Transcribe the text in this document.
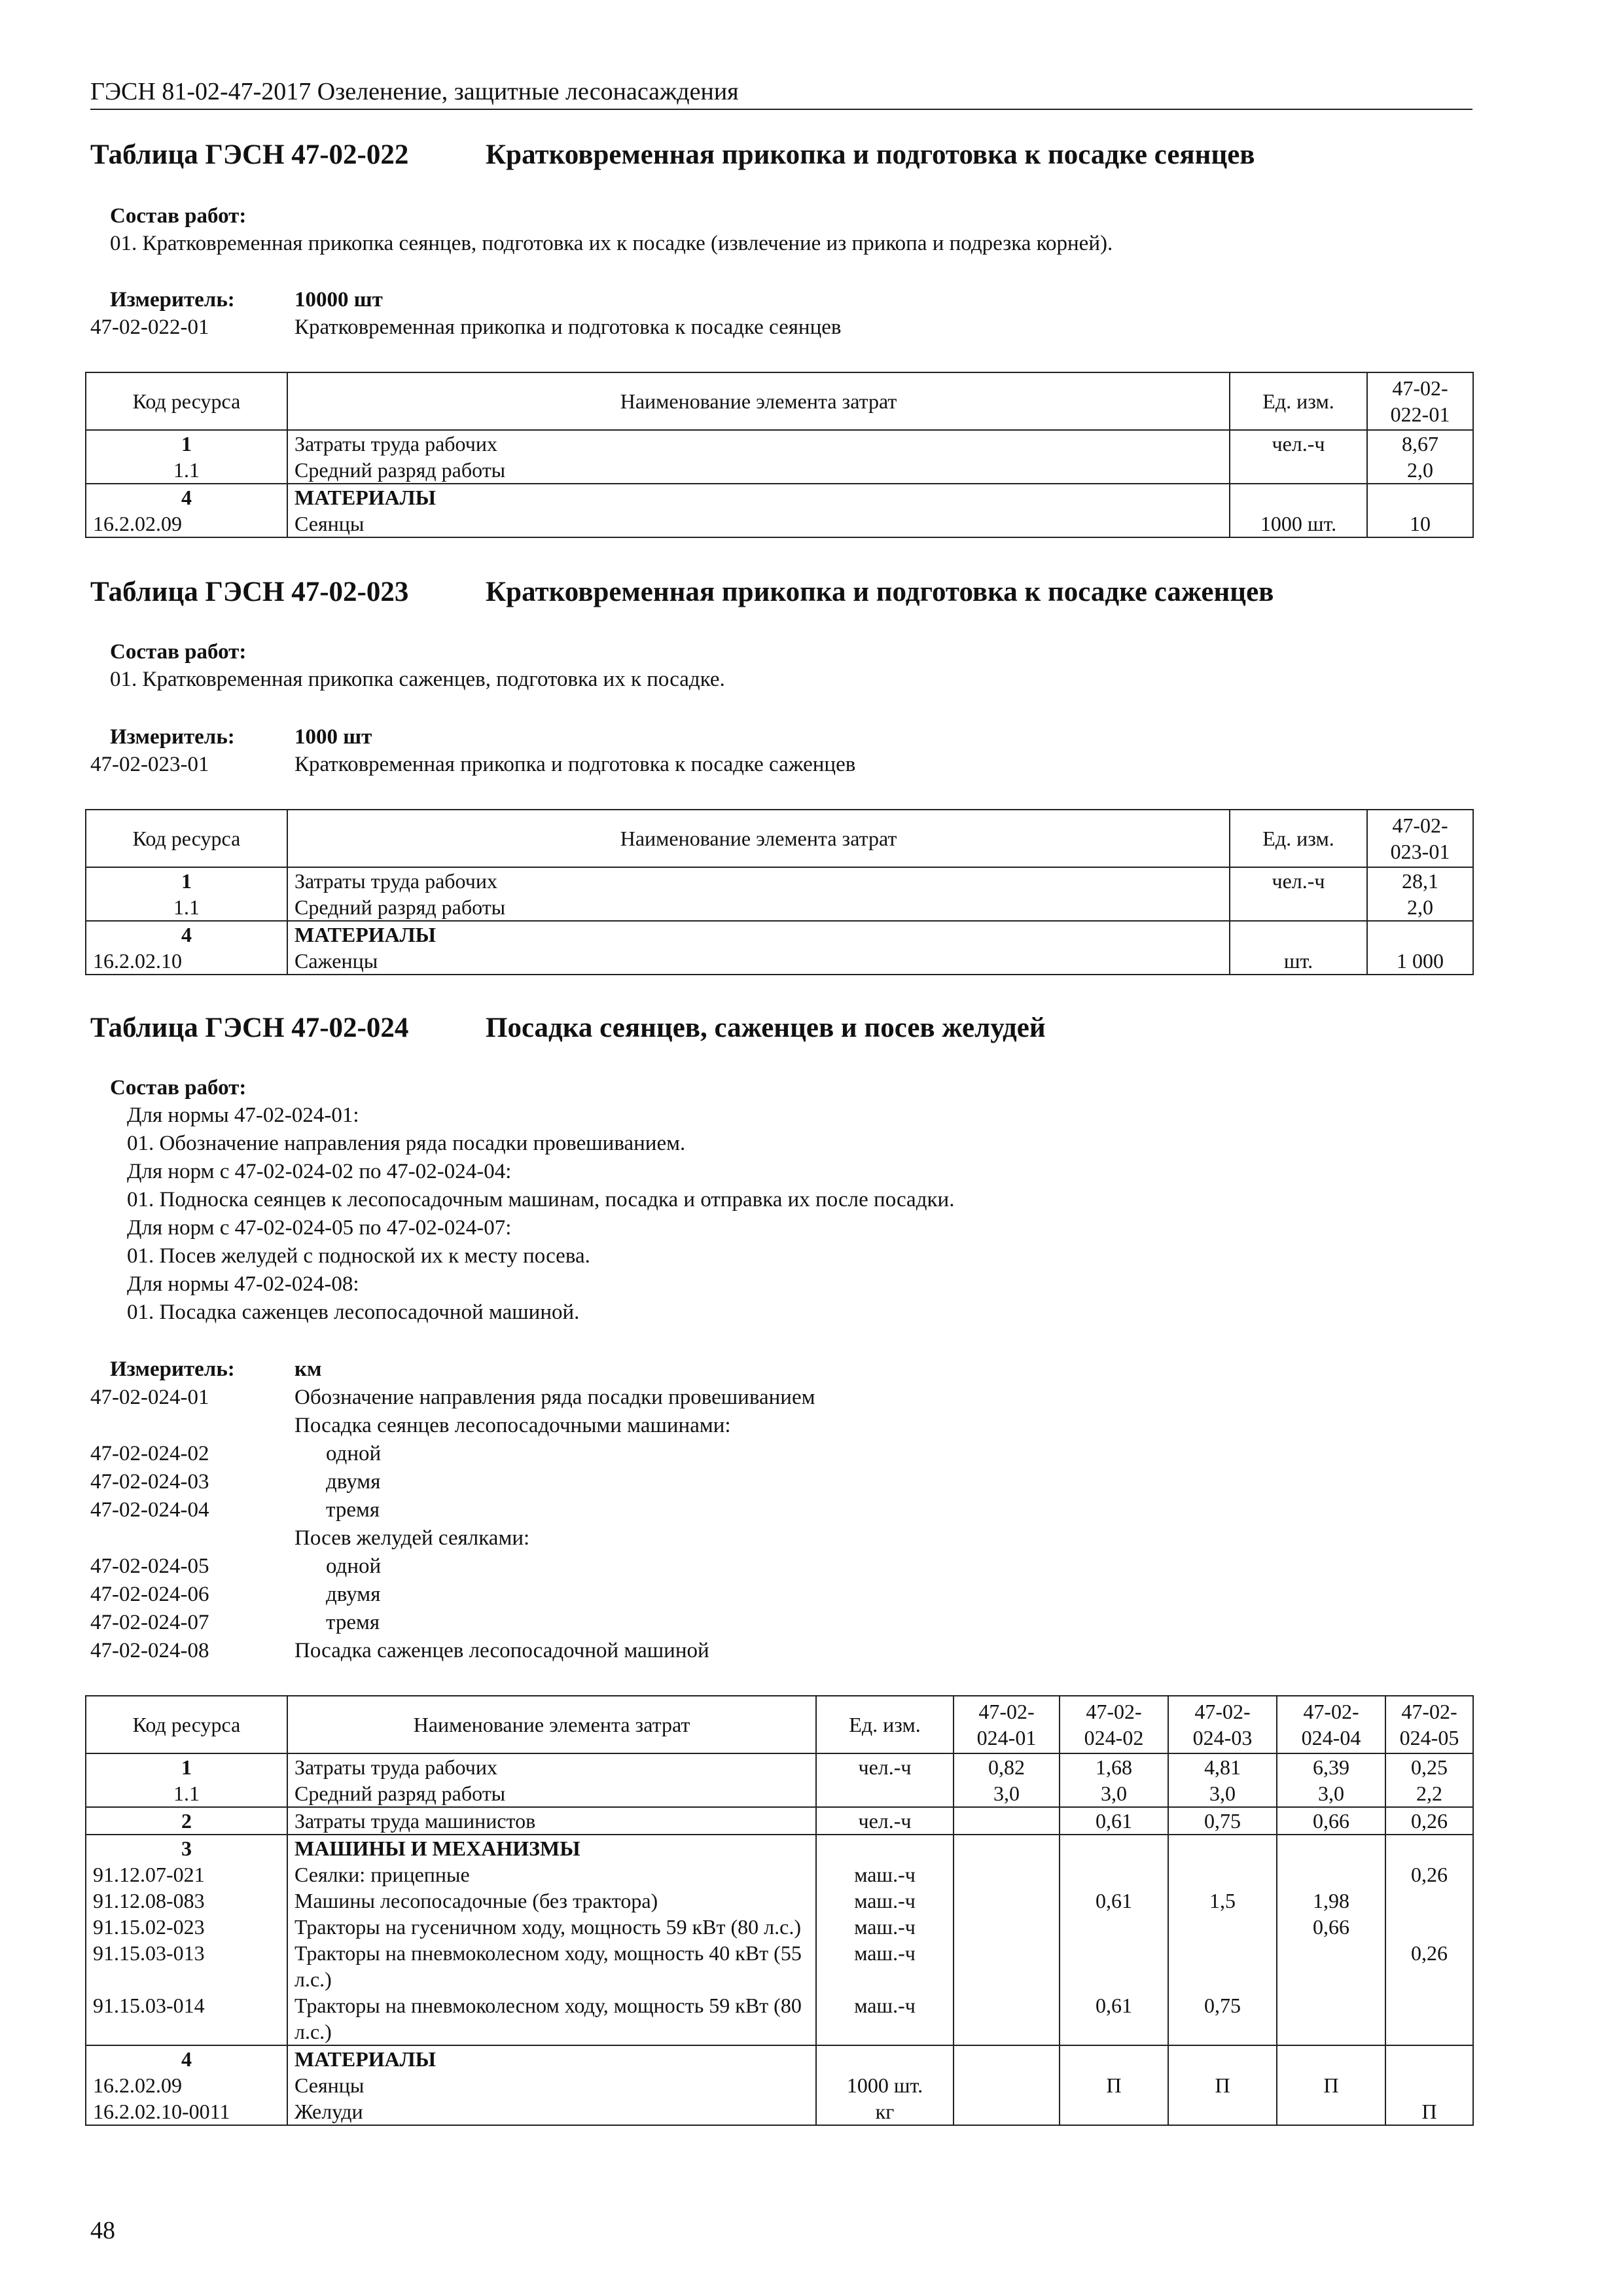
ГЭСН 81-02-47-2017 Озеленение, защитные лесонасаждения
Таблица ГЭСН 47-02-022	Кратковременная прикопка и подготовка к посадке сеянцев
Состав работ:
01. Кратковременная прикопка сеянцев, подготовка их к посадке (извлечение из прикопа и подрезка корней).
Измеритель:	10000 шт
47-02-022-01	Кратковременная прикопка и подготовка к посадке сеянцев
Код ресурса	Наименование элемента затрат	Ед. изм.	47-02-
022-01
1	Затраты труда рабочих	чел.-ч	8,67
1.1	Средний разряд работы		2,0
4	МАТЕРИАЛЫ		
16.2.02.09	Сеянцы	1000 шт.	10
Таблица ГЭСН 47-02-023	Кратковременная прикопка и подготовка к посадке саженцев
Состав работ:
01. Кратковременная прикопка саженцев, подготовка их к посадке.
Измеритель:	1000 шт
47-02-023-01	Кратковременная прикопка и подготовка к посадке саженцев
Код ресурса	Наименование элемента затрат	Ед. изм.	47-02-
023-01
1	Затраты труда рабочих	чел.-ч	28,1
1.1	Средний разряд работы		2,0
4	МАТЕРИАЛЫ		
16.2.02.10	Саженцы	шт.	1 000
Таблица ГЭСН 47-02-024	Посадка сеянцев, саженцев и посев желудей
Состав работ:
Для нормы 47-02-024-01:
01. Обозначение направления ряда посадки провешиванием.
Для норм с 47-02-024-02 по 47-02-024-04:
01. Подноска сеянцев к лесопосадочным машинам, посадка и отправка их после посадки.
Для норм с 47-02-024-05 по 47-02-024-07:
01. Посев желудей с подноской их к месту посева.
Для нормы 47-02-024-08:
01. Посадка саженцев лесопосадочной машиной.
Измеритель:	км
47-02-024-01	Обозначение направления ряда посадки провешиванием
Посадка сеянцев лесопосадочными машинами:
47-02-024-02	одной
47-02-024-03	двумя
47-02-024-04	тремя
Посев желудей сеялками:
47-02-024-05	одной
47-02-024-06	двумя
47-02-024-07	тремя
47-02-024-08	Посадка саженцев лесопосадочной машиной
Код ресурса	Наименование элемента затрат	Ед. изм.	47-02-
024-01	47-02-
024-02	47-02-
024-03	47-02-
024-04	47-02-
024-05
1	Затраты труда рабочих	чел.-ч	0,82	1,68	4,81	6,39	0,25
1.1	Средний разряд работы		3,0	3,0	3,0	3,0	2,2
2	Затраты труда машинистов	чел.-ч		0,61	0,75	0,66	0,26
3	МАШИНЫ И МЕХАНИЗМЫ						
91.12.07-021	Сеялки: прицепные	маш.-ч					0,26
91.12.08-083	Машины лесопосадочные (без трактора)	маш.-ч		0,61	1,5	1,98	
91.15.02-023	Тракторы на гусеничном ходу, мощность 59 кВт (80 л.с.)	маш.-ч				0,66	
91.15.03-013	Тракторы на пневмоколесном ходу, мощность 40 кВт (55 л.с.)	маш.-ч					0,26
91.15.03-014	Тракторы на пневмоколесном ходу, мощность 59 кВт (80 л.с.)	маш.-ч		0,61	0,75		
4	МАТЕРИАЛЫ						
16.2.02.09	Сеянцы	1000 шт.		П	П	П	
16.2.02.10-0011	Желуди	кг					П
48
